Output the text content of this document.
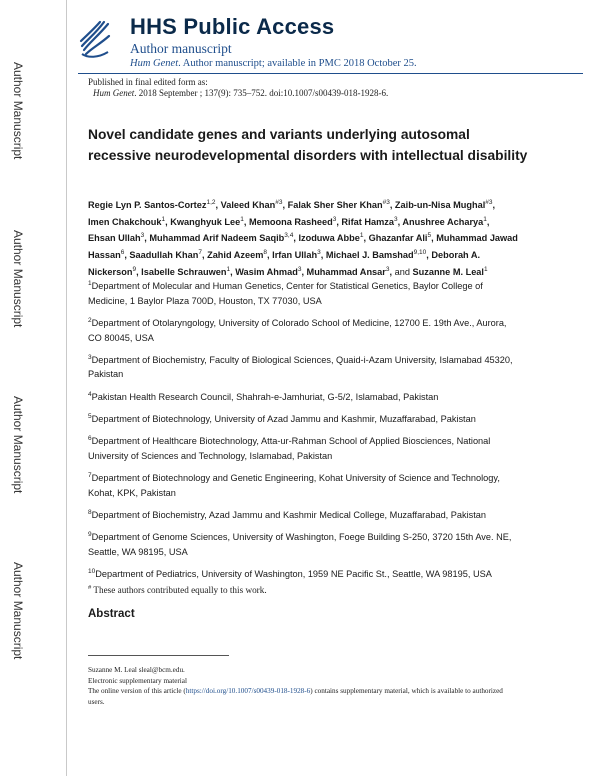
Author Manuscript
Author Manuscript
Author Manuscript
Author Manuscript
HHS Public Access
Author manuscript
Hum Genet. Author manuscript; available in PMC 2018 October 25.
Published in final edited form as:
Hum Genet. 2018 September ; 137(9): 735–752. doi:10.1007/s00439-018-1928-6.
Novel candidate genes and variants underlying autosomal recessive neurodevelopmental disorders with intellectual disability
Regie Lyn P. Santos-Cortez$^{1,2}$, Valeed Khan$^{\#3}$, Falak Sher Sher Khan$^{\#3}$, Zaib-un-Nisa Mughal$^{\#3}$, Imen Chakchouk$^1$, Kwanghyuk Lee$^1$, Memoona Rasheed$^3$, Rifat Hamza$^3$, Anushree Acharya$^1$, Ehsan Ullah$^3$, Muhammad Arif Nadeem Saqib$^{3,4}$, Izoduwa Abbe$^1$, Ghazanfar Ali$^5$, Muhammad Jawad Hassan$^6$, Saadullah Khan$^7$, Zahid Azeem$^8$, Irfan Ullah$^3$, Michael J. Bamshad$^{9,10}$, Deborah A. Nickerson$^9$, Isabelle Schrauwen$^1$, Wasim Ahmad$^3$, Muhammad Ansar$^3$, and Suzanne M. Leal$^1$
$^1$Department of Molecular and Human Genetics, Center for Statistical Genetics, Baylor College of Medicine, 1 Baylor Plaza 700D, Houston, TX 77030, USA
$^2$Department of Otolaryngology, University of Colorado School of Medicine, 12700 E. 19th Ave., Aurora, CO 80045, USA
$^3$Department of Biochemistry, Faculty of Biological Sciences, Quaid-i-Azam University, Islamabad 45320, Pakistan
$^4$Pakistan Health Research Council, Shahrah-e-Jamhuriat, G-5/2, Islamabad, Pakistan
$^5$Department of Biotechnology, University of Azad Jammu and Kashmir, Muzaffarabad, Pakistan
$^6$Department of Healthcare Biotechnology, Atta-ur-Rahman School of Applied Biosciences, National University of Sciences and Technology, Islamabad, Pakistan
$^7$Department of Biotechnology and Genetic Engineering, Kohat University of Science and Technology, Kohat, KPK, Pakistan
$^8$Department of Biochemistry, Azad Jammu and Kashmir Medical College, Muzaffarabad, Pakistan
$^9$Department of Genome Sciences, University of Washington, Foege Building S-250, 3720 15th Ave. NE, Seattle, WA 98195, USA
$^{10}$Department of Pediatrics, University of Washington, 1959 NE Pacific St., Seattle, WA 98195, USA
# These authors contributed equally to this work.
Abstract

Suzanne M. Leal sleal@bcm.edu.

Electronic supplementary material

The online version of this article (https://doi.org/10.1007/s00439-018-1928-6) contains supplementary material, which is available to authorized users.
